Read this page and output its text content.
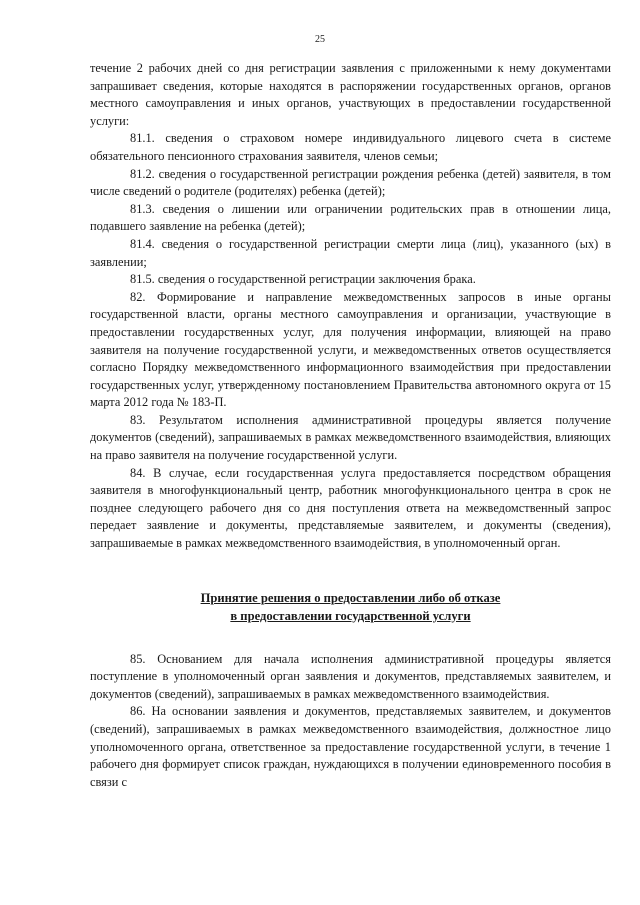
25

течение 2 рабочих дней со дня регистрации заявления с приложенными к нему документами запрашивает сведения, которые находятся в распоряжении государственных органов, органов местного самоуправления и иных органов, участвующих в предоставлении государственной услуги:

81.1. сведения о страховом номере индивидуального лицевого счета в системе обязательного пенсионного страхования заявителя, членов семьи;

81.2. сведения о государственной регистрации рождения ребенка (детей) заявителя, в том числе сведений о родителе (родителях) ребенка (детей);

81.3. сведения о лишении или ограничении родительских прав в отношении лица, подавшего заявление на ребенка (детей);

81.4. сведения о государственной регистрации смерти лица (лиц), указанного (ых) в заявлении;

81.5. сведения о государственной регистрации заключения брака.

82. Формирование и направление межведомственных запросов в иные органы государственной власти, органы местного самоуправления и организации, участвующие в предоставлении государственных услуг, для получения информации, влияющей на право заявителя на получение государственной услуги, и межведомственных ответов осуществляется согласно Порядку межведомственного информационного взаимодействия при предоставлении государственных услуг, утвержденному постановлением Правительства автономного округа от 15 марта 2012 года № 183-П.

83. Результатом исполнения административной процедуры является получение документов (сведений), запрашиваемых в рамках межведомственного взаимодействия, влияющих на право заявителя на получение государственной услуги.

84. В случае, если государственная услуга предоставляется посредством обращения заявителя в многофункциональный центр, работник многофункционального центра в срок не позднее следующего рабочего дня со дня поступления ответа на межведомственный запрос передает заявление и документы, представляемые заявителем, и документы (сведения), запрашиваемые в рамках межведомственного взаимодействия, в уполномоченный орган.

Принятие решения о предоставлении либо об отказе
в предоставлении государственной услуги

85. Основанием для начала исполнения административной процедуры является поступление в уполномоченный орган заявления и документов, представляемых заявителем, и документов (сведений), запрашиваемых в рамках межведомственного взаимодействия.

86. На основании заявления и документов, представляемых заявителем, и документов (сведений), запрашиваемых в рамках межведомственного взаимодействия, должностное лицо уполномоченного органа, ответственное за предоставление государственной услуги, в течение 1 рабочего дня формирует список граждан, нуждающихся в получении единовременного пособия в связи с
